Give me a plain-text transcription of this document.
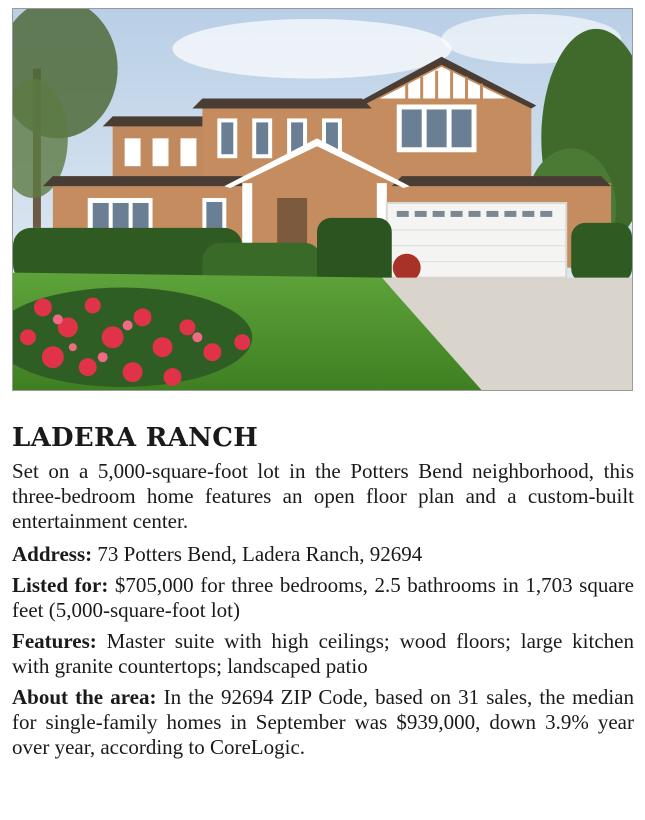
LADERA RANCH

Set on a 5,000-square-foot lot in the Potters Bend neighborhood, this three-bedroom home features an open floor plan and a custom-built entertainment center.

Address: 73 Potters Bend, Ladera Ranch, 92694

Listed for: $705,000 for three bedrooms, 2.5 bathrooms in 1,703 square feet (5,000-square-foot lot)

Features: Master suite with high ceilings; wood floors; large kitchen with granite countertops; landscaped patio

About the area: In the 92694 ZIP Code, based on 31 sales, the median for single-family homes in September was $939,000, down 3.9% year over year, according to CoreLogic.
